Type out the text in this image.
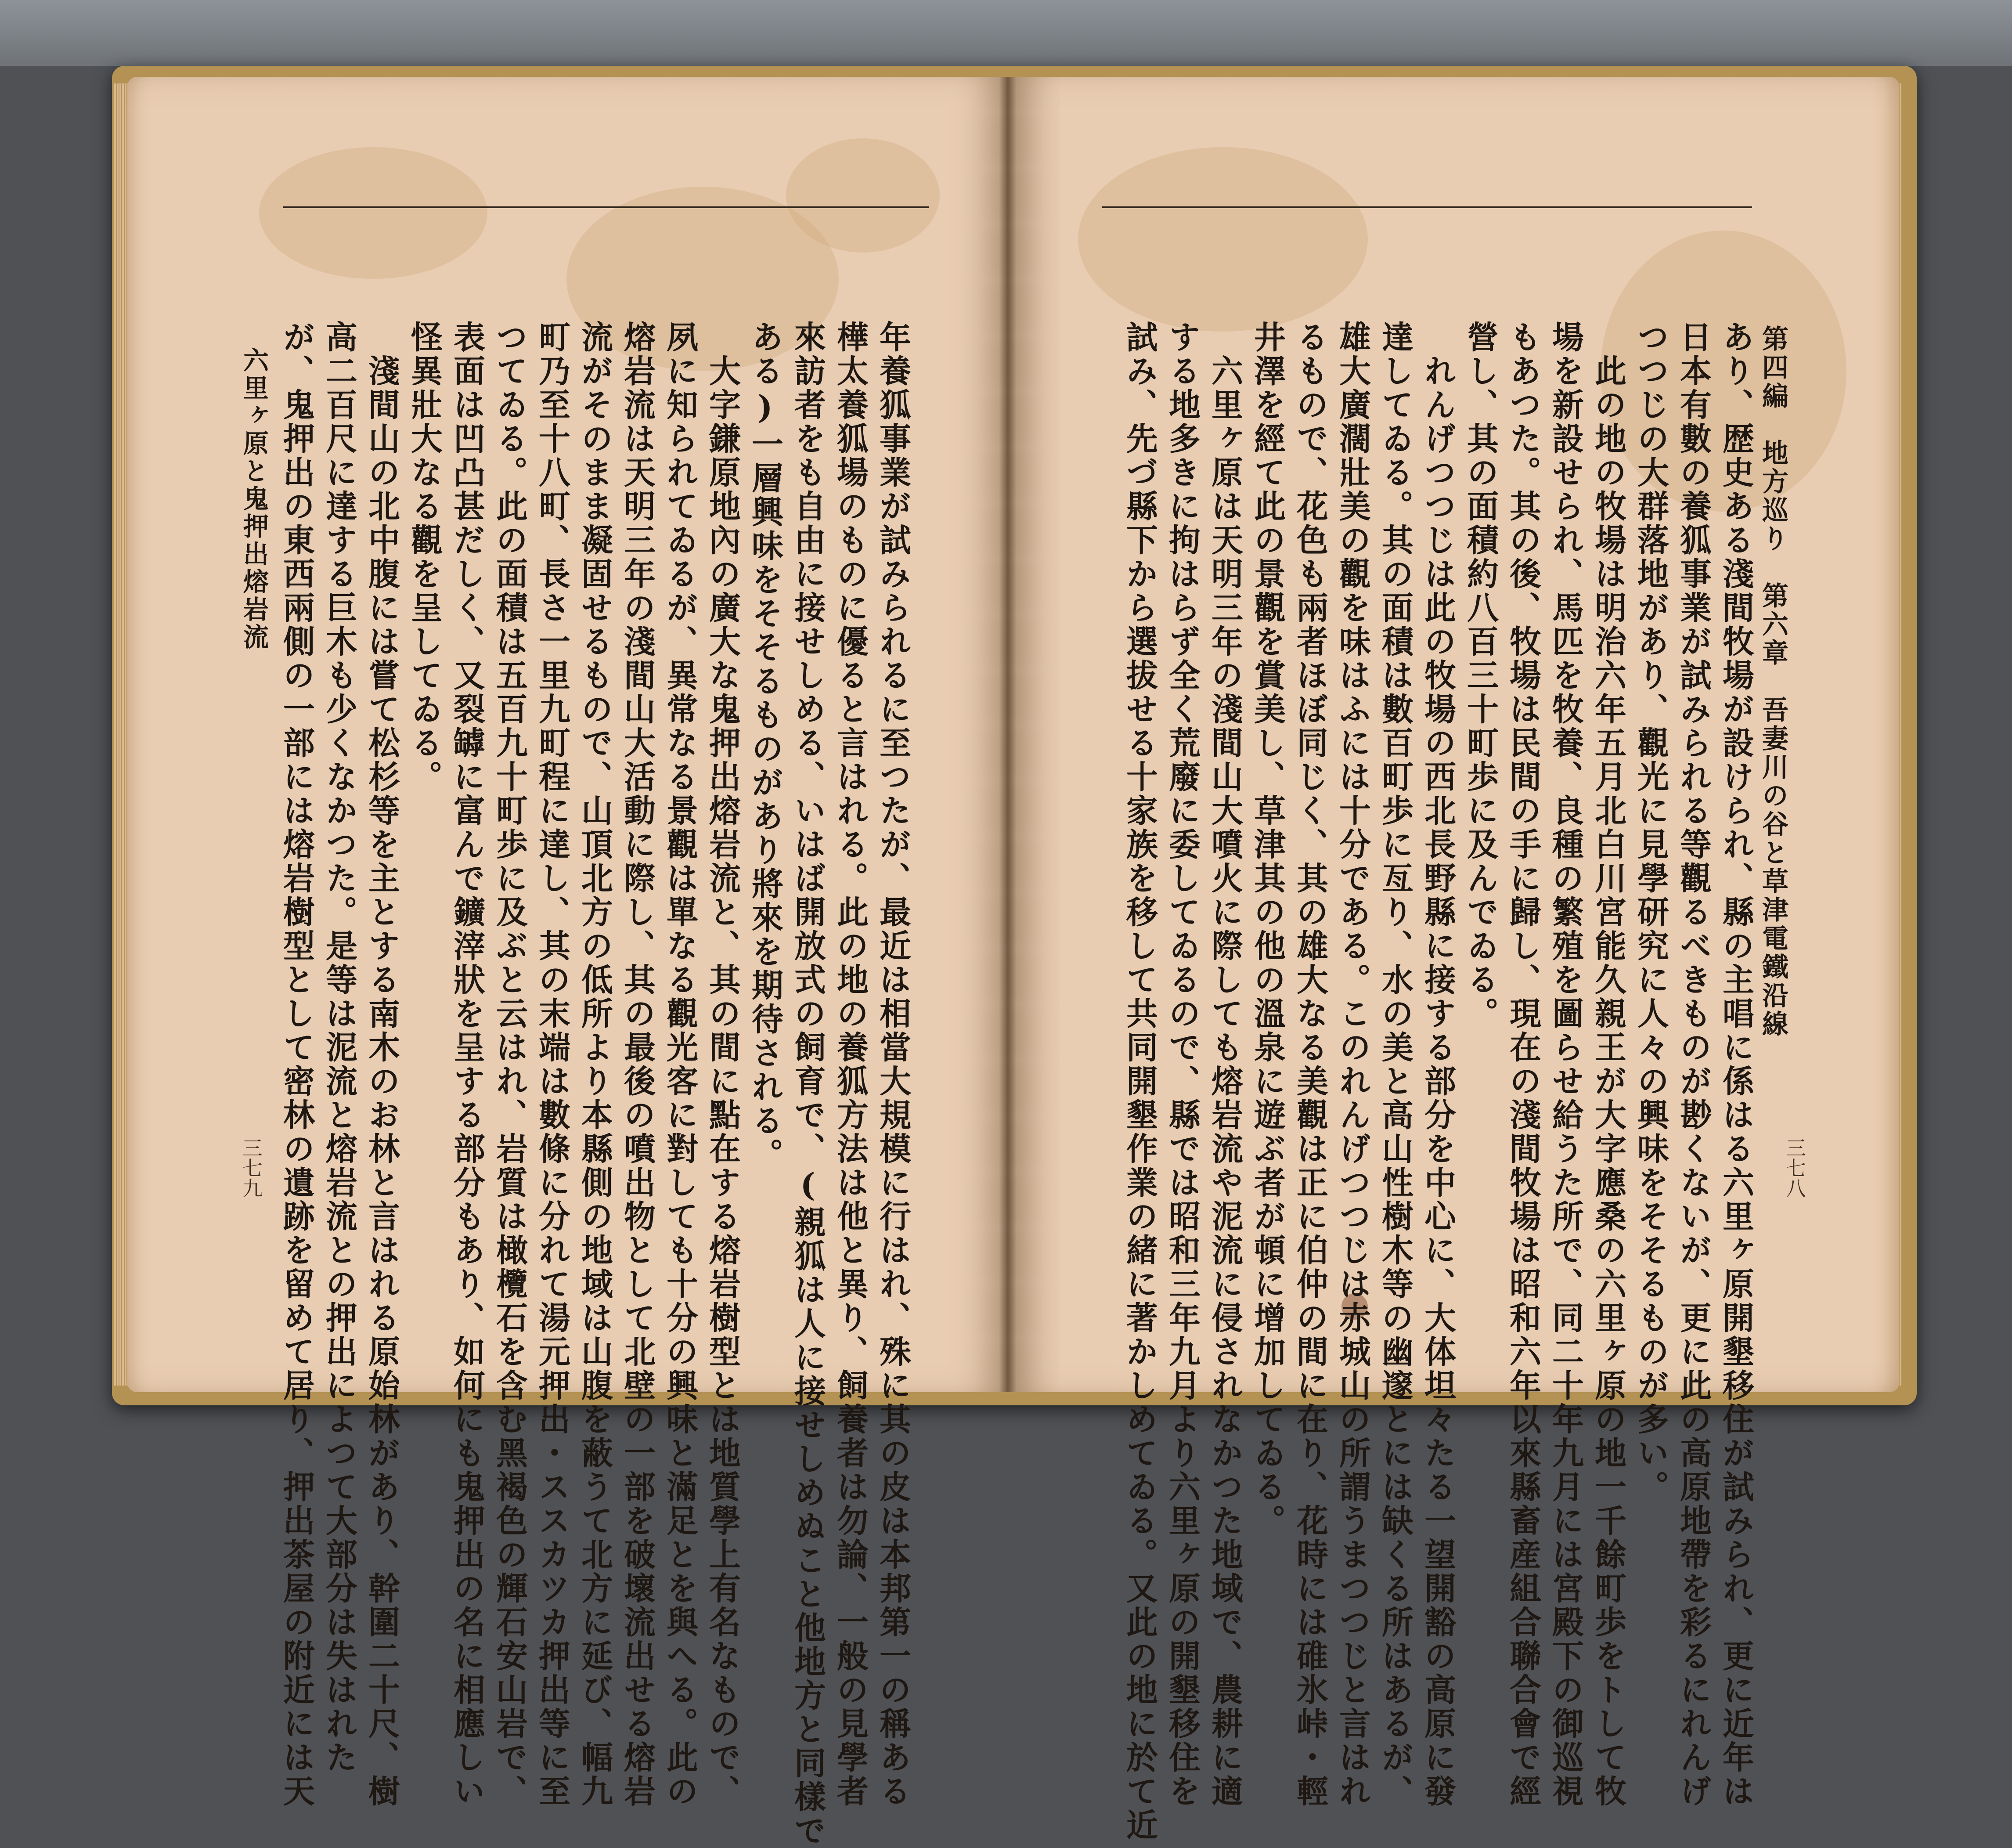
第四編　地方巡り　第六章　吾妻川の谷と草津電鐵沿線
あり、歴史ある淺間牧場が設けられ、縣の主唱に係はる六里ヶ原開墾移住が試みられ、更に近年は
日本有數の養狐事業が試みられる等觀るべきものが尠くないが、更に此の高原地帶を彩るにれんげ
つつじの大群落地があり、觀光に見學研究に人々の興味をそそるものが多い。
　此の地の牧場は明治六年五月北白川宮能久親王が大字應桑の六里ヶ原の地一千餘町歩をトして牧
場を新設せられ、馬匹を牧養、良種の繁殖を圖らせ給うた所で、同二十年九月には宮殿下の御巡視
もあつた。其の後、牧場は民間の手に歸し、現在の淺間牧場は昭和六年以來縣畜産組合聯合會で經
營し、其の面積約八百三十町歩に及んでゐる。
　れんげつつじは此の牧場の西北長野縣に接する部分を中心に、大体坦々たる一望開豁の高原に發
達してゐる。其の面積は數百町歩に亙り、水の美と高山性樹木等の幽邃とには缺くる所はあるが、
雄大廣濶壯美の觀を味はふには十分である。このれんげつつじは赤城山の所謂うまつつじと言はれ
るもので、花色も兩者ほぼ同じく、其の雄大なる美觀は正に伯仲の間に在り、花時には碓氷峠・輕
井澤を經て此の景觀を賞美し、草津其の他の溫泉に遊ぶ者が頓に增加してゐる。
　六里ヶ原は天明三年の淺間山大噴火に際しても熔岩流や泥流に侵されなかつた地域で、農耕に適
する地多きに拘はらず全く荒廢に委してゐるので、縣では昭和三年九月より六里ヶ原の開墾移住を
試み、先づ縣下から選拔せる十家族を移して共同開墾作業の緒に著かしめてゐる。又此の地に於て近	三七八
年養狐事業が試みられるに至つたが、最近は相當大規模に行はれ、殊に其の皮は本邦第一の稱ある
樺太養狐場のものに優ると言はれる。此の地の養狐方法は他と異り、飼養者は勿論、一般の見學者
來訪者をも自由に接せしめる、いはば開放式の飼育で、(親狐は人に接せしめぬこと他地方と同樣で
ある)一層興味をそそるものがあり將來を期待される。
　大字鎌原地內の廣大な鬼押出熔岩流と、其の間に點在する熔岩樹型とは地質學上有名なもので、
夙に知られてゐるが、異常なる景觀は單なる觀光客に對しても十分の興味と滿足とを與へる。此の
熔岩流は天明三年の淺間山大活動に際し、其の最後の噴出物として北壁の一部を破壞流出せる熔岩
流がそのまま凝固せるもので、山頂北方の低所より本縣側の地域は山腹を蔽うて北方に延び、幅九
町乃至十八町、長さ一里九町程に達し、其の末端は數條に分れて湯元押出・ススカツカ押出等に至
つてゐる。此の面積は五百九十町歩に及ぶと云はれ、岩質は橄欖石を含む黑褐色の輝石安山岩で、
表面は凹凸甚だしく、又裂罅に富んで鑛滓狀を呈する部分もあり、如何にも鬼押出の名に相應しい
怪異壯大なる觀を呈してゐる。
　淺間山の北中腹には嘗て松杉等を主とする南木のお林と言はれる原始林があり、幹圍二十尺、樹
高二百尺に達する巨木も少くなかつた。是等は泥流と熔岩流との押出によつて大部分は失はれた
が、鬼押出の東西兩側の一部には熔岩樹型として密林の遺跡を留めて居り、押出茶屋の附近には天
六里ヶ原と鬼押出熔岩流
三七九
